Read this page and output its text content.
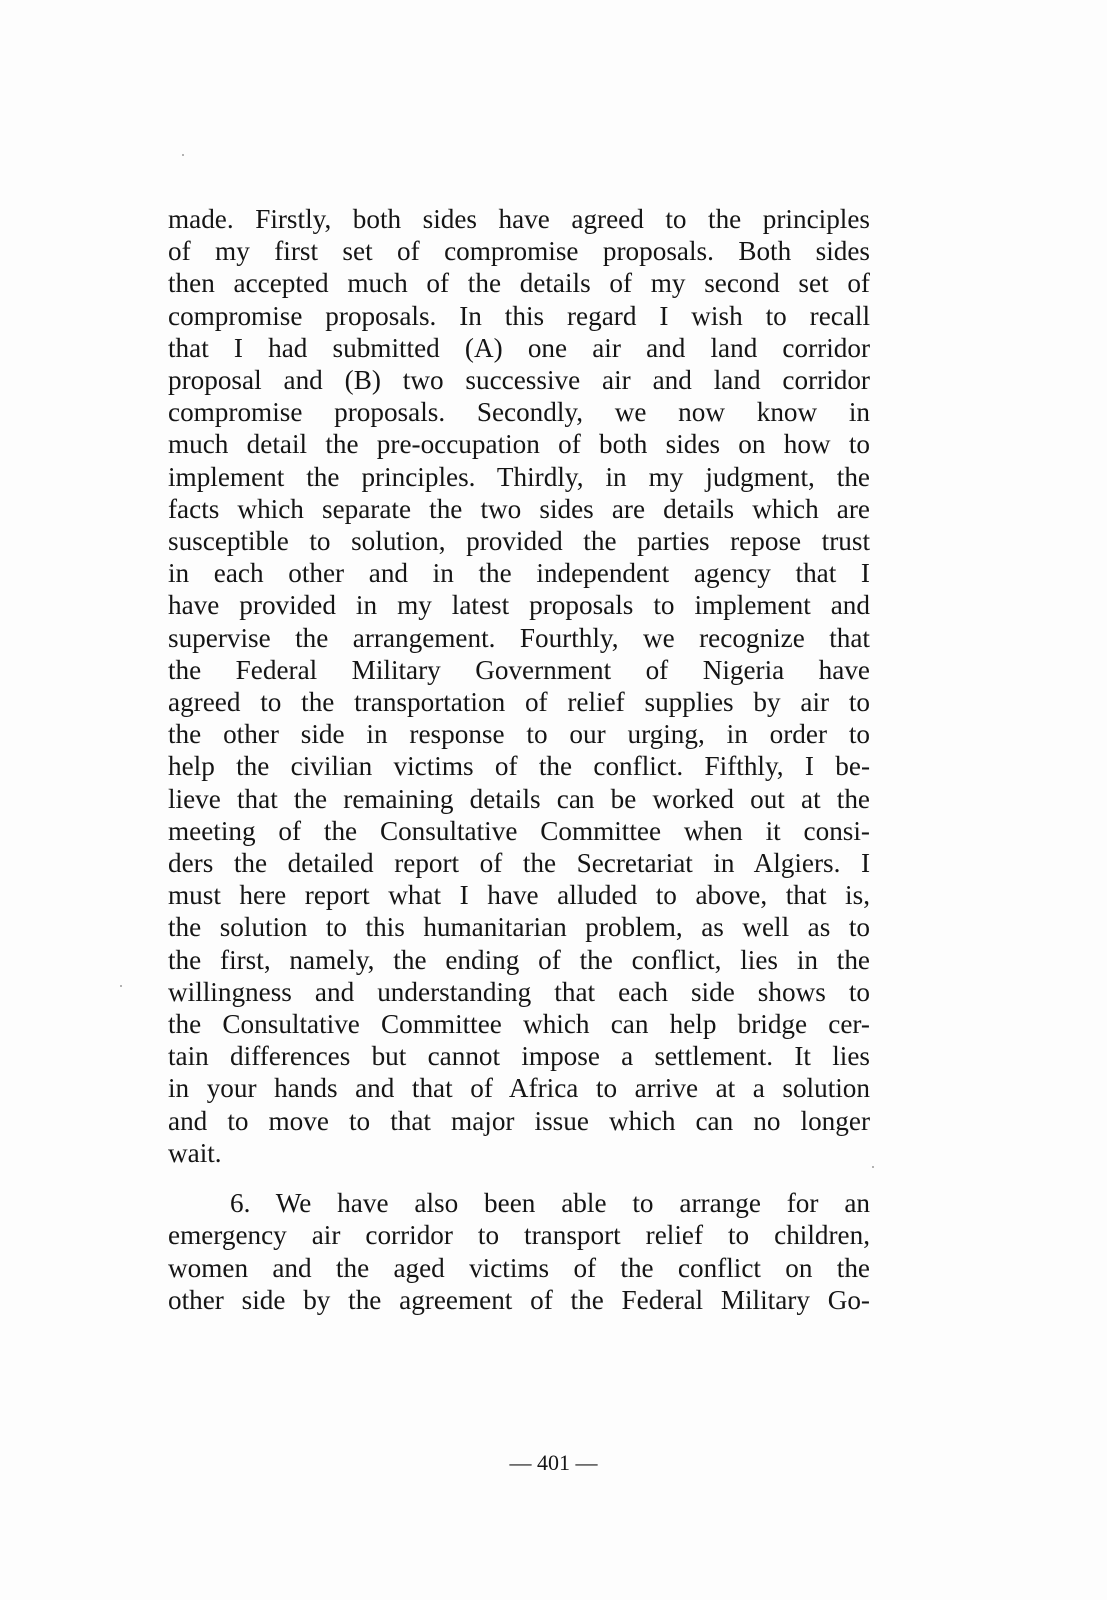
made. Firstly, both sides have agreed to the principles
of my first set of compromise proposals. Both sides
then accepted much of the details of my second set of
compromise proposals. In this regard I wish to recall
that I had submitted (A) one air and land corridor
proposal and (B) two successive air and land corridor
compromise proposals. Secondly, we now know in
much detail the pre-occupation of both sides on how to
implement the principles. Thirdly, in my judgment, the
facts which separate the two sides are details which are
susceptible to solution, provided the parties repose trust
in each other and in the independent agency that I
have provided in my latest proposals to implement and
supervise the arrangement. Fourthly, we recognize that
the Federal Military Government of Nigeria have
agreed to the transportation of relief supplies by air to
the other side in response to our urging, in order to
help the civilian victims of the conflict. Fifthly, I be-
lieve that the remaining details can be worked out at the
meeting of the Consultative Committee when it consi-
ders the detailed report of the Secretariat in Algiers. I
must here report what I have alluded to above, that is,
the solution to this humanitarian problem, as well as to
the first, namely, the ending of the conflict, lies in the
willingness and understanding that each side shows to
the Consultative Committee which can help bridge cer-
tain differences but cannot impose a settlement. It lies
in your hands and that of Africa to arrive at a solution
and to move to that major issue which can no longer
wait.
6. We have also been able to arrange for an
emergency air corridor to transport relief to children,
women and the aged victims of the conflict on the
other side by the agreement of the Federal Military Go-
— 401 —
